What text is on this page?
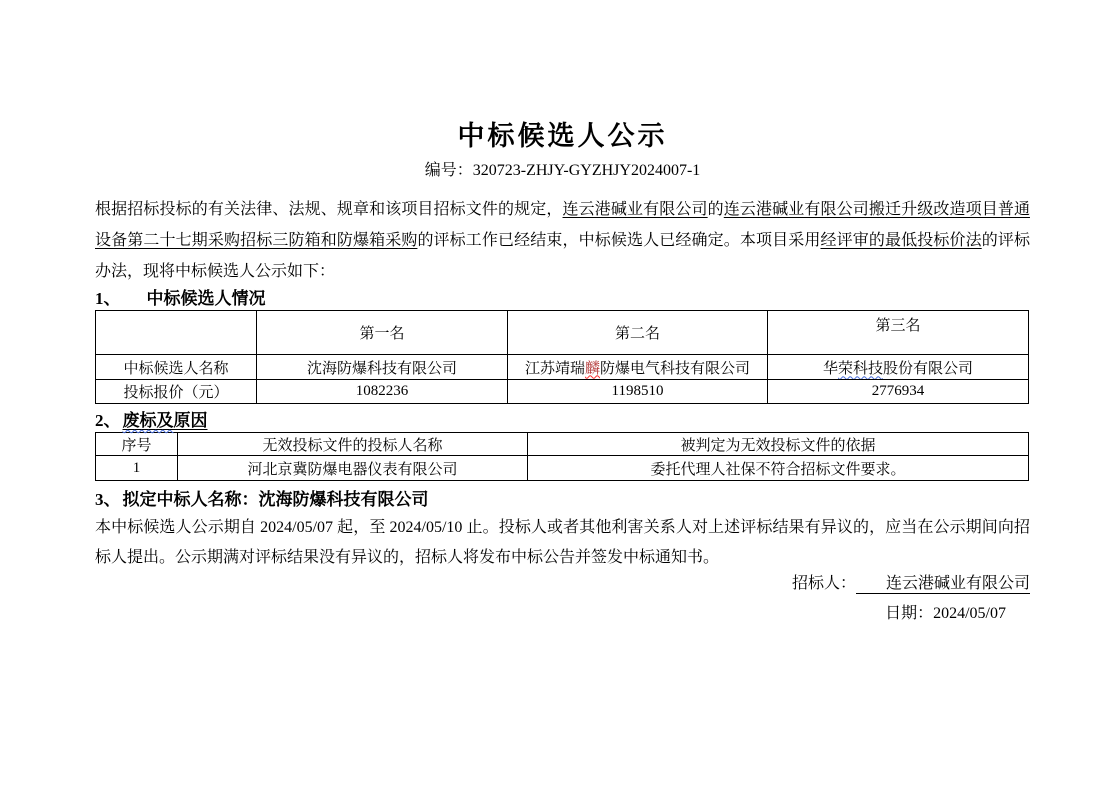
中标候选人公示
编号：320723-ZHJY-GYZHJY2024007-1

根据招标投标的有关法律、法规、规章和该项目招标文件的规定，连云港碱业有限公司的连云港碱业有限公司搬迁升级改造项目普通设备第二十七期采购招标三防箱和防爆箱采购的评标工作已经结束，中标候选人已经确定。本项目采用经评审的最低投标价法的评标办法，现将中标候选人公示如下：

1、 中标候选人情况
	第一名	第二名	第三名
中标候选人名称	沈海防爆科技有限公司	江苏靖瑞麟防爆电气科技有限公司	华荣科技股份有限公司
投标报价（元）	1082236	1198510	2776934
2、 废标及原因
序号	无效投标文件的投标人名称	被判定为无效投标文件的依据
1	河北京冀防爆电器仪表有限公司	委托代理人社保不符合招标文件要求。
3、 拟定中标人名称：沈海防爆科技有限公司

本中标候选人公示期自 2024/05/07 起，至 2024/05/10 止。投标人或者其他利害关系人对上述评标结果有异议的，应当在公示期间向招标人提出。公示期满对评标结果没有异议的，招标人将发布中标公告并签发中标通知书。

招标人： 连云港碱业有限公司
日期：2024/05/07
